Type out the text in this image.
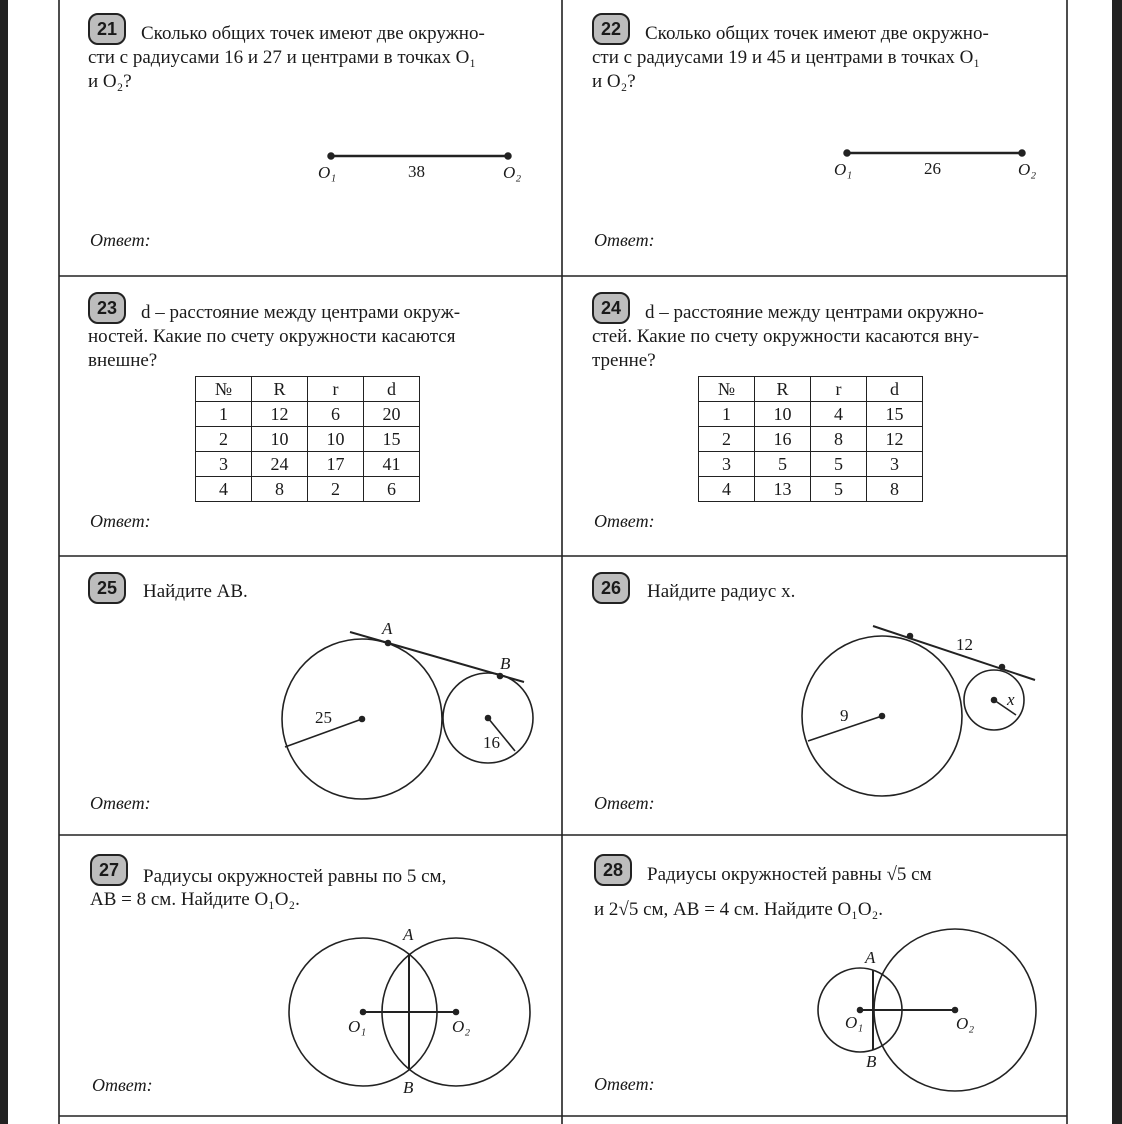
21	Сколько общих точек имеют две окружно-
сти с радиусами 16 и 27 и центрами в точках O₁
и O₂?
O₁	38	O₂
Ответ:
22	Сколько общих точек имеют две окружно-
сти с радиусами 19 и 45 и центрами в точках O₁
и O₂?
O₁	26	O₂
Ответ:
23	d – расстояние между центрами окруж-
ностей. Какие по счету окружности касаются
внешне?
№	R	r	d
1	12	6	20
2	10	10	15
3	24	17	41
4	8	2	6
Ответ:
24	d – расстояние между центрами окружно-
стей. Какие по счету окружности касаются вну-
тренне?
№	R	r	d
1	10	4	15
2	16	8	12
3	5	5	3
4	13	5	8
Ответ:
25	Найдите AB.
A
B
25
16
Ответ:
26	Найдите радиус x.
12
9
x
Ответ:
27	Радиусы окружностей равны по 5 см,
AB = 8 см. Найдите O₁O₂.
A
B
O₁	O₂
Ответ:
28	Радиусы окружностей равны √5 см
и 2√5 см, AB = 4 см. Найдите O₁O₂.
A
B
O₁	O₂
Ответ:
